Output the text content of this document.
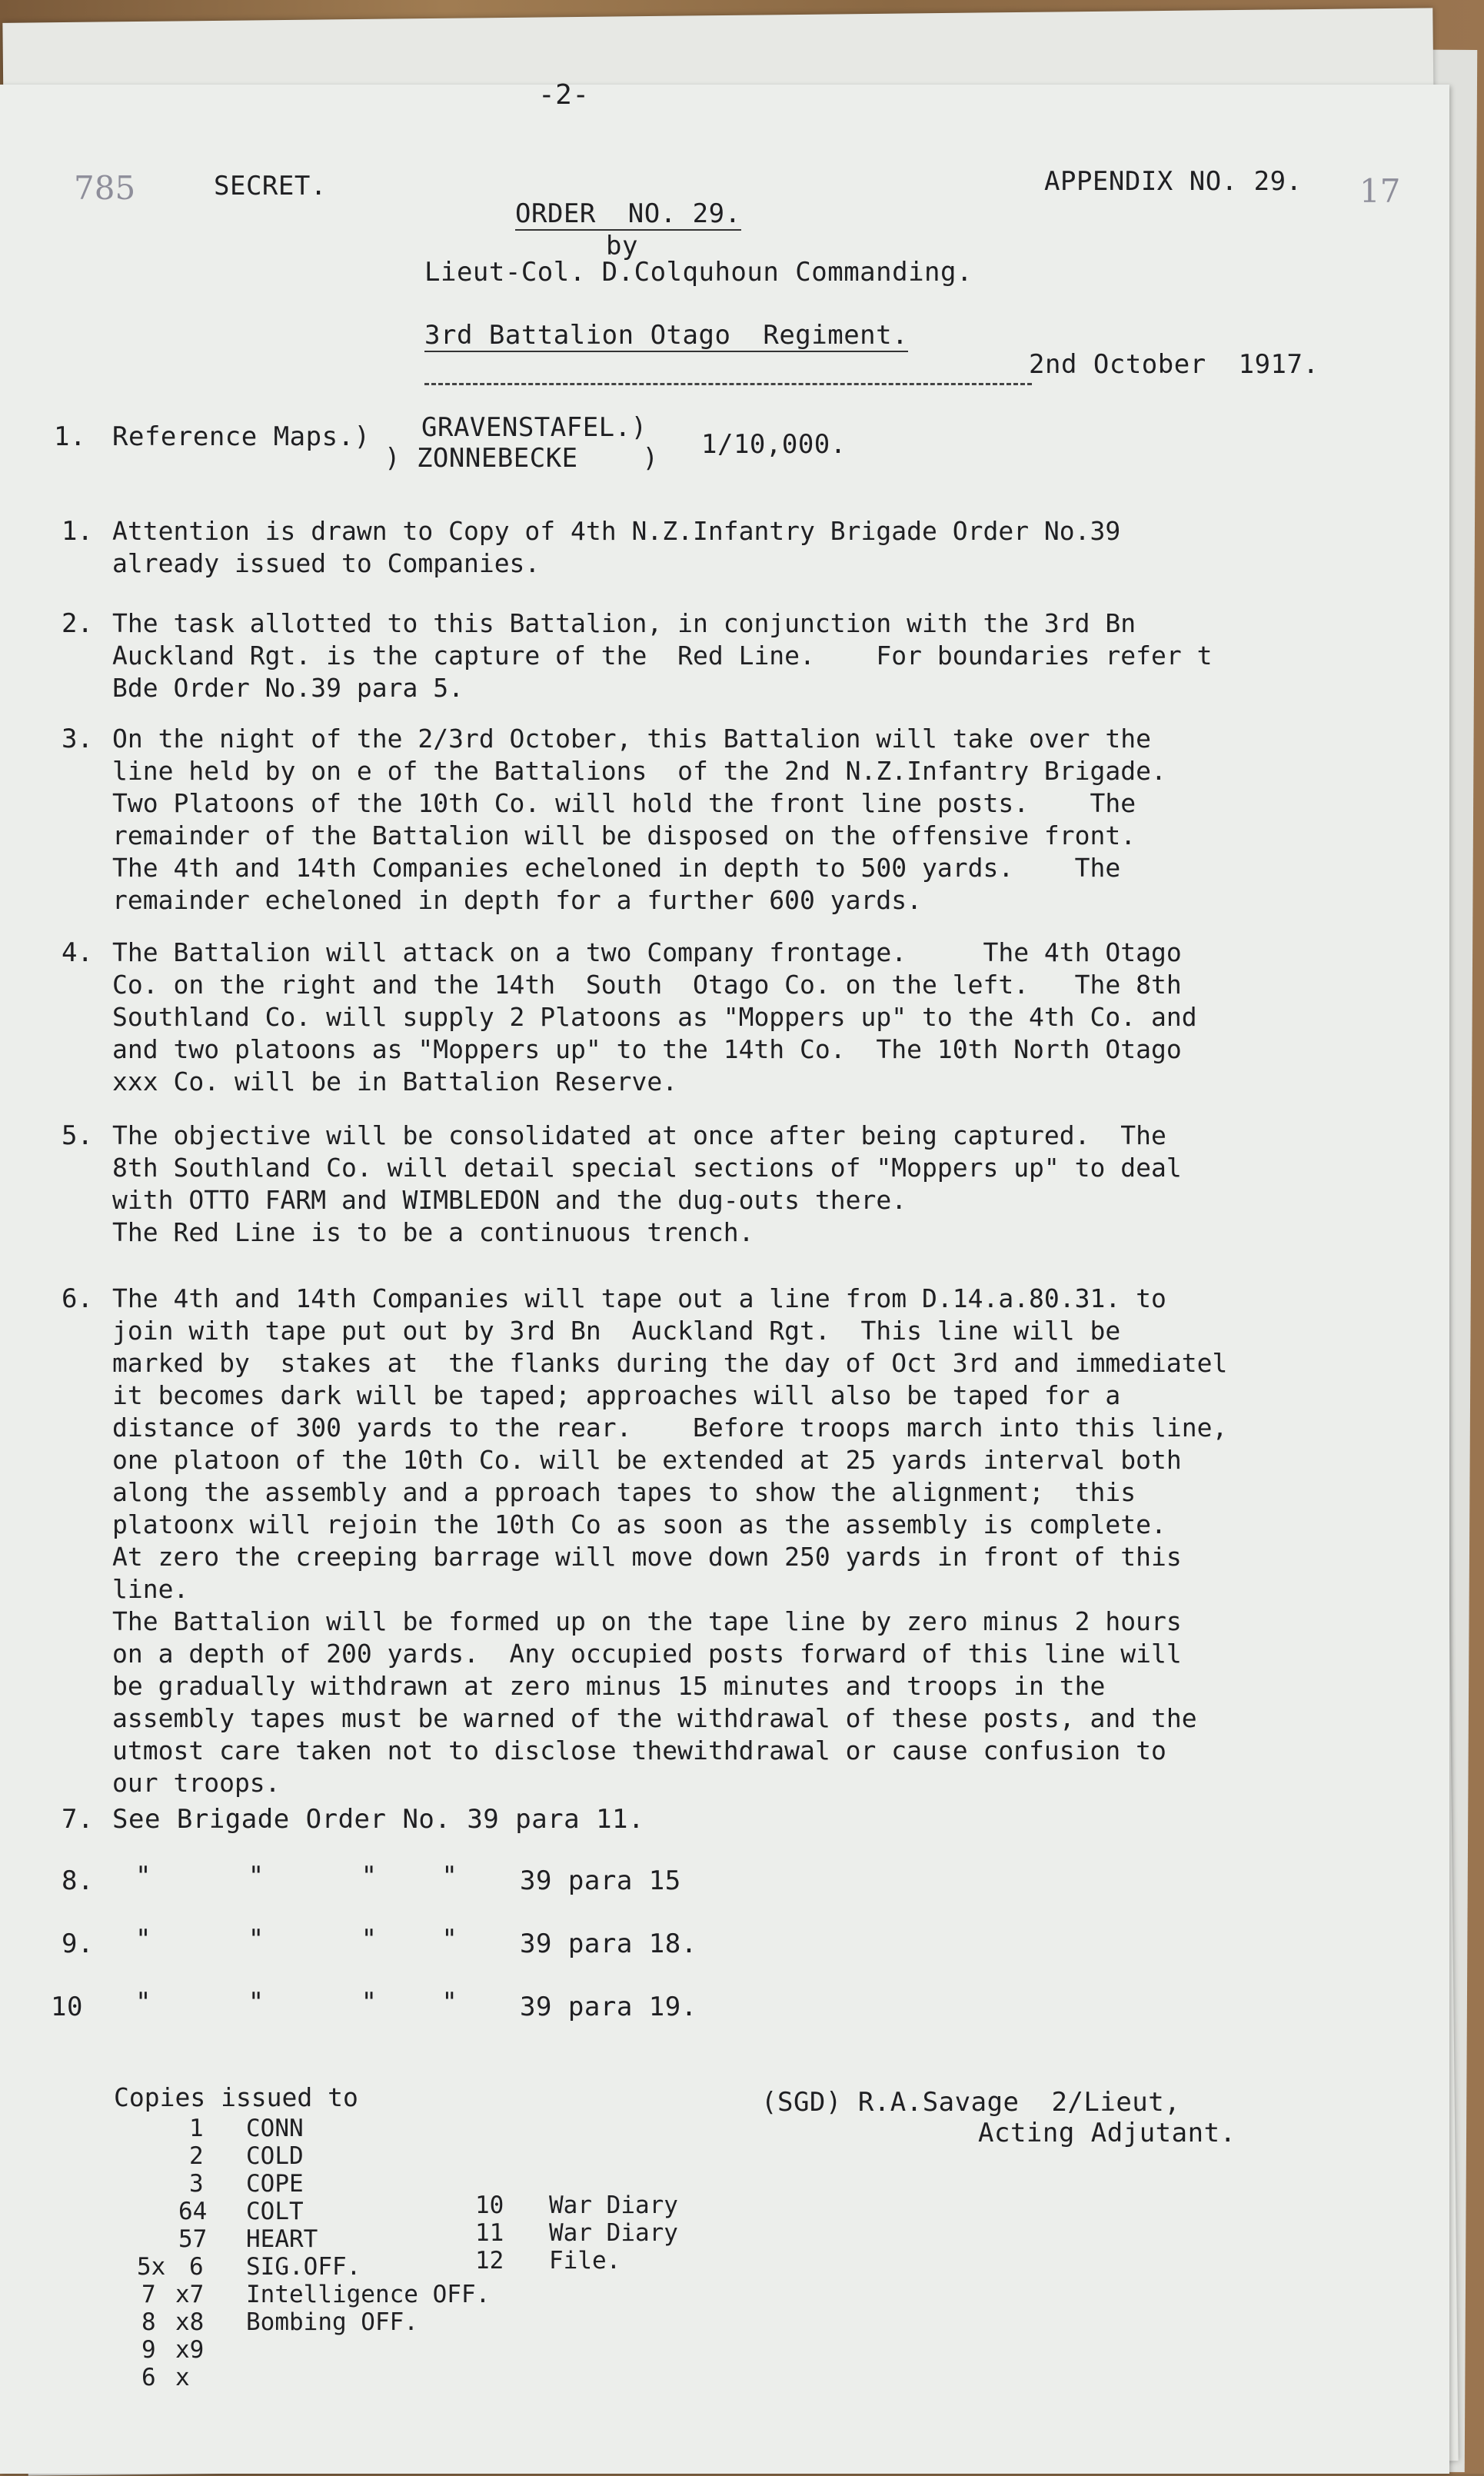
-2-
785	17
SECRET.	APPENDIX NO. 29.
ORDER  NO. 29.
by
Lieut-Col. D.Colquhoun Commanding.
3rd Battalion Otago  Regiment.
2nd October  1917.
1. Reference Maps.) GRAVENSTAFEL.)
) ZONNEBECKE    ) 1/10,000.
1. Attention is drawn to Copy of 4th N.Z.Infantry Brigade Order No.39
already issued to Companies.
2. The task allotted to this Battalion, in conjunction with the 3rd Bn
Auckland Rgt. is the capture of the  Red Line.    For boundaries refer t
Bde Order No.39 para 5.
3. On the night of the 2/3rd October, this Battalion will take over the
line held by on e of the Battalions  of the 2nd N.Z.Infantry Brigade.
Two Platoons of the 10th Co. will hold the front line posts.    The
remainder of the Battalion will be disposed on the offensive front.
The 4th and 14th Companies echeloned in depth to 500 yards.    The
remainder echeloned in depth for a further 600 yards.
4. The Battalion will attack on a two Company frontage.     The 4th Otago
Co. on the right and the 14th  South  Otago Co. on the left.   The 8th
Southland Co. will supply 2 Platoons as "Moppers up" to the 4th Co. and
and two platoons as "Moppers up" to the 14th Co.  The 10th North Otago
xxx Co. will be in Battalion Reserve.
5. The objective will be consolidated at once after being captured.  The
8th Southland Co. will detail special sections of "Moppers up" to deal
with OTTO FARM and WIMBLEDON and the dug-outs there.
The Red Line is to be a continuous trench.
6. The 4th and 14th Companies will tape out a line from D.14.a.80.31. to
join with tape put out by 3rd Bn  Auckland Rgt.  This line will be
marked by  stakes at  the flanks during the day of Oct 3rd and immediatel
it becomes dark will be taped; approaches will also be taped for a
distance of 300 yards to the rear.    Before troops march into this line,
one platoon of the 10th Co. will be extended at 25 yards interval both
along the assembly and a pproach tapes to show the alignment;  this
platoonx will rejoin the 10th Co as soon as the assembly is complete.
At zero the creeping barrage will move down 250 yards in front of this
line.
The Battalion will be formed up on the tape line by zero minus 2 hours
on a depth of 200 yards.  Any occupied posts forward of this line will
be gradually withdrawn at zero minus 15 minutes and troops in the
assembly tapes must be warned of the withdrawal of these posts, and the
utmost care taken not to disclose thewithdrawal or cause confusion to
our troops.
7. See Brigade Order No. 39 para 11.
8. "      "      "    " 39 para 15
9. "      "      "    " 39 para 18.
10 "      "      "    " 39 para 19.
Copies issued to
1 CONN
2 COLD
3 COPE
64 COLT
57 HEART
5x 6 SIG.OFF.
7 x7 Intelligence OFF.
8 x8 Bombing OFF.
9 x9
6 x
10 War Diary
11 War Diary
12 File.
(SGD) R.A.Savage  2/Lieut,
Acting Adjutant.
